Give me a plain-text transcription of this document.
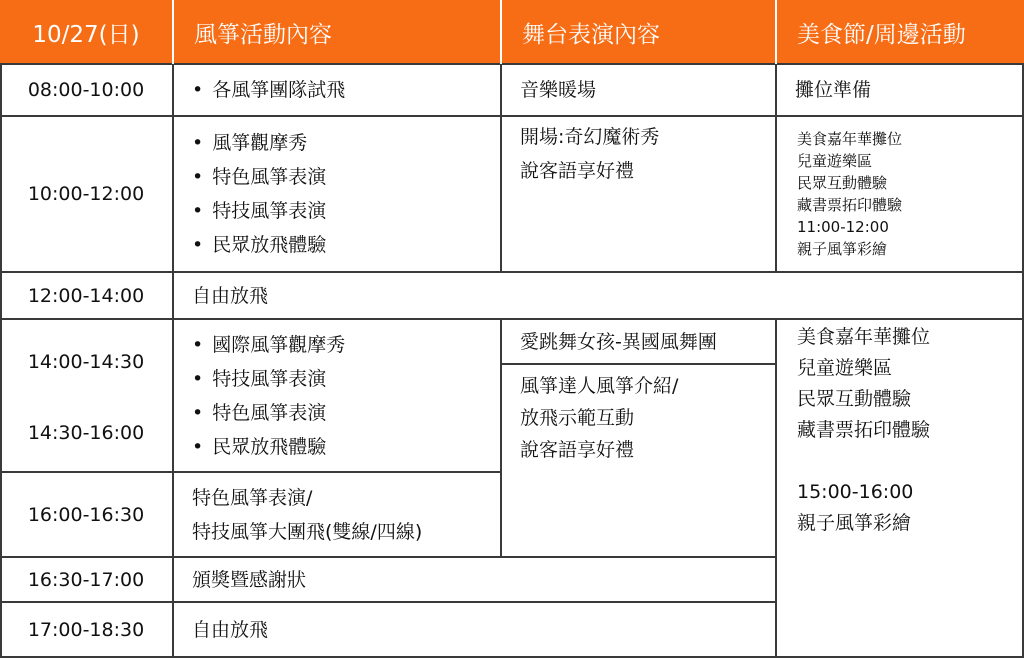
10/27(日)	風箏活動內容	舞台表演內容	美食節/周邊活動
08:00-10:00
•	各風箏團隊試飛	音樂暖場	攤位準備
10:00-12:00
• 風箏觀摩秀
• 特色風箏表演
• 特技風箏表演
• 民眾放飛體驗
開場:奇幻魔術秀
說客語享好禮
美食嘉年華攤位
兒童遊樂區
民眾互動體驗
藏書票拓印體驗
11:00-12:00
親子風箏彩繪
12:00-14:00	自由放飛
14:00-14:30
14:30-16:00
• 國際風箏觀摩秀
• 特技風箏表演
• 特色風箏表演
• 民眾放飛體驗
愛跳舞女孩-異國風舞團
風箏達人風箏介紹/
放飛示範互動
說客語享好禮
美食嘉年華攤位
兒童遊樂區
民眾互動體驗
藏書票拓印體驗
15:00-16:00
親子風箏彩繪
16:00-16:30
特色風箏表演/
特技風箏大團飛(雙線/四線)
16:30-17:00	頒獎暨感謝狀
17:00-18:30	自由放飛
